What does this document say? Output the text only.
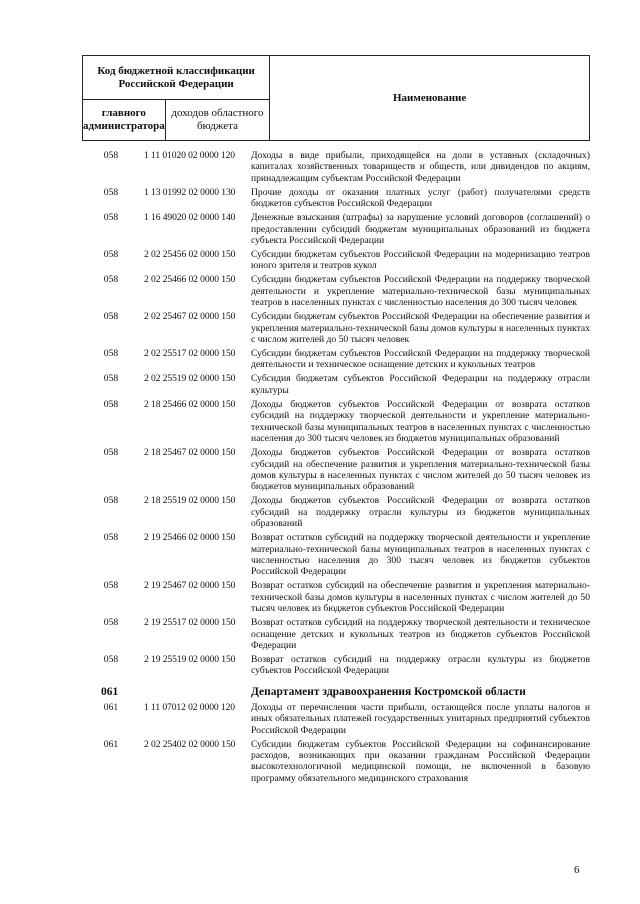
Код бюджетной классификации Российской Федерации		Наименование
главного администратора	доходов областного бюджета	
058	1 11 01020 02 0000 120	Доходы в виде прибыли, приходящейся на доли в уставных (складочных) капиталах хозяйственных товариществ и обществ, или дивидендов по акциям, принадлежащим субъектам Российской Федерации
058	1 13 01992 02 0000 130	Прочие доходы от оказания платных услуг (работ) получателями средств бюджетов субъектов Российской Федерации
058	1 16 49020 02 0000 140	Денежные взыскания (штрафы) за нарушение условий договоров (соглашений) о предоставлении субсидий бюджетам муниципальных образований из бюджета субъекта Российской Федерации
058	2 02 25456 02 0000 150	Субсидии бюджетам субъектов Российской Федерации на модернизацию театров юного зрителя и театров кукол
058	2 02 25466 02 0000 150	Субсидии бюджетам субъектов Российской Федерации на поддержку творческой деятельности и укрепление материально-технической базы муниципальных театров в населенных пунктах с численностью населения до 300 тысяч человек
058	2 02 25467 02 0000 150	Субсидии бюджетам субъектов Российской Федерации на обеспечение развития и укрепления материально-технической базы домов культуры в населенных пунктах с числом жителей до 50 тысяч человек
058	2 02 25517 02 0000 150	Субсидии бюджетам субъектов Российской Федерации на поддержку творческой деятельности и техническое оснащение детских и кукольных театров
058	2 02 25519 02 0000 150	Субсидия бюджетам субъектов Российской Федерации на поддержку отрасли культуры
058	2 18 25466 02 0000 150	Доходы бюджетов субъектов Российской Федерации от возврата остатков субсидий на поддержку творческой деятельности и укрепление материально-технической базы муниципальных театров в населенных пунктах с численностью населения до 300 тысяч человек из бюджетов муниципальных образований
058	2 18 25467 02 0000 150	Доходы бюджетов субъектов Российской Федерации от возврата остатков субсидий на обеспечение развития и укрепления материально-технической базы домов культуры в населенных пунктах с числом жителей до 50 тысяч человек из бюджетов муниципальных образований
058	2 18 25519 02 0000 150	Доходы бюджетов субъектов Российской Федерации от возврата остатков субсидий на поддержку отрасли культуры из бюджетов муниципальных образований
058	2 19 25466 02 0000 150	Возврат остатков субсидий на поддержку творческой деятельности и укрепление материально-технической базы муниципальных театров в населенных пунктах с численностью населения до 300 тысяч человек из бюджетов субъектов Российской Федерации
058	2 19 25467 02 0000 150	Возврат остатков субсидий на обеспечение развития и укрепления материально-технической базы домов культуры в населенных пунктах с числом жителей до 50 тысяч человек из бюджетов субъектов Российской Федерации
058	2 19 25517 02 0000 150	Возврат остатков субсидий на поддержку творческой деятельности и техническое оснащение детских и кукольных театров из бюджетов субъектов Российской Федерации
058	2 19 25519 02 0000 150	Возврат остатков субсидий на поддержку отрасли культуры из бюджетов субъектов Российской Федерации
061	Департамент здравоохранения Костромской области
061	1 11 07012 02 0000 120	Доходы от перечисления части прибыли, остающейся после уплаты налогов и иных обязательных платежей государственных унитарных предприятий субъектов Российской Федерации
061	2 02 25402 02 0000 150	Субсидии бюджетам субъектов Российской Федерации на софинансирование расходов, возникающих при оказании гражданам Российской Федерации высокотехнологичной медицинской помощи, не включенной в базовую программу обязательного медицинского страхования
6
